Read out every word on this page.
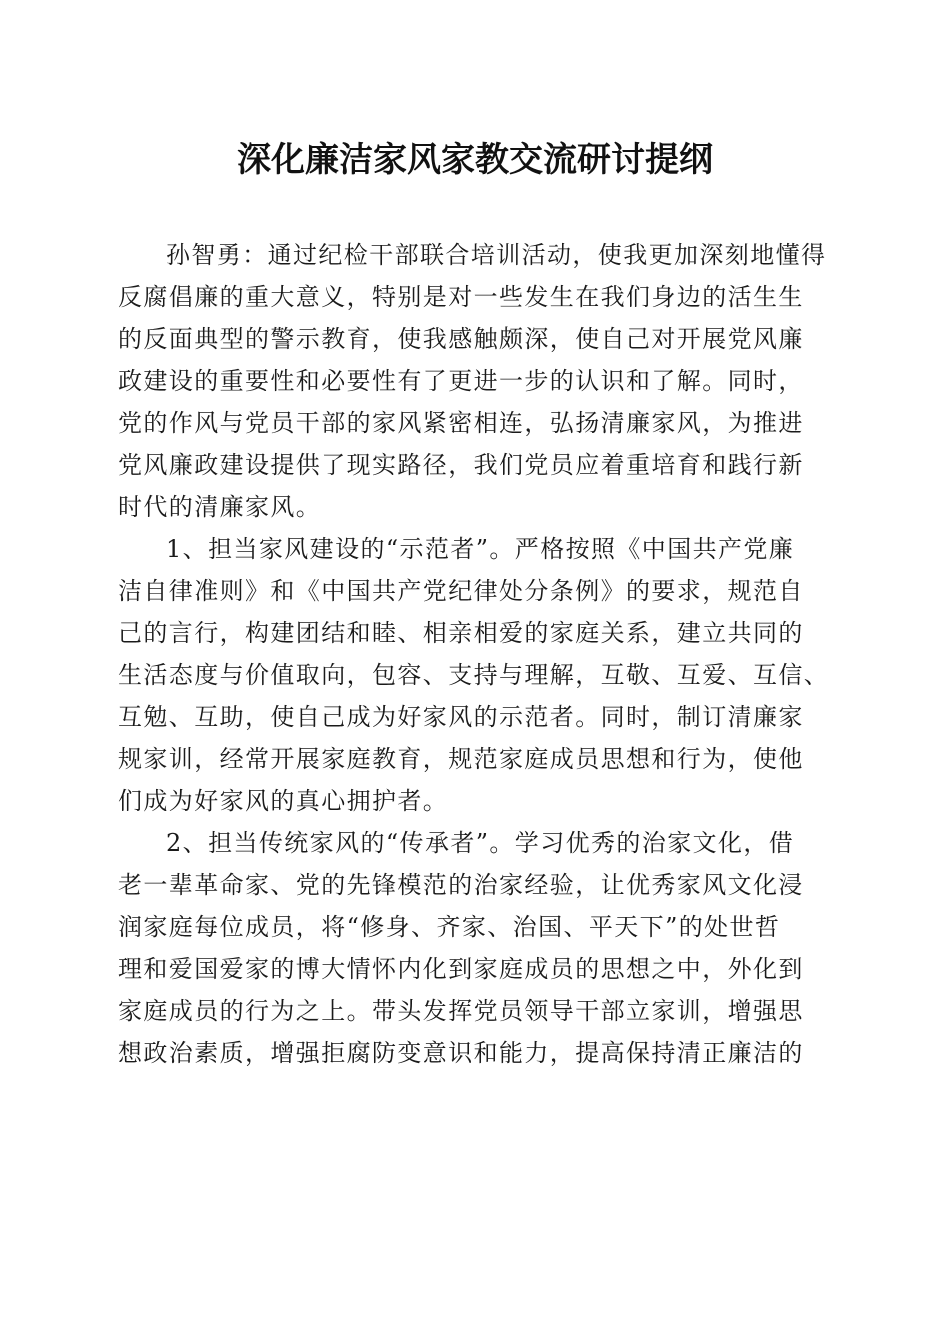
深化廉洁家风家教交流研讨提纲

孙智勇：通过纪检干部联合培训活动，使我更加深刻地懂得
反腐倡廉的重大意义，特别是对一些发生在我们身边的活生生
的反面典型的警示教育，使我感触颇深，使自己对开展党风廉
政建设的重要性和必要性有了更进一步的认识和了解。同时，
党的作风与党员干部的家风紧密相连，弘扬清廉家风，为推进
党风廉政建设提供了现实路径，我们党员应着重培育和践行新
时代的清廉家风。

1、担当家风建设的“示范者”。严格按照《中国共产党廉
洁自律准则》和《中国共产党纪律处分条例》的要求，规范自
己的言行，构建团结和睦、相亲相爱的家庭关系，建立共同的
生活态度与价值取向，包容、支持与理解，互敬、互爱、互信、
互勉、互助，使自己成为好家风的示范者。同时，制订清廉家
规家训，经常开展家庭教育，规范家庭成员思想和行为，使他
们成为好家风的真心拥护者。

2、担当传统家风的“传承者”。学习优秀的治家文化，借
老一辈革命家、党的先锋模范的治家经验，让优秀家风文化浸
润家庭每位成员，将“修身、齐家、治国、平天下”的处世哲
理和爱国爱家的博大情怀内化到家庭成员的思想之中，外化到
家庭成员的行为之上。带头发挥党员领导干部立家训，增强思
想政治素质，增强拒腐防变意识和能力，提高保持清正廉洁的
